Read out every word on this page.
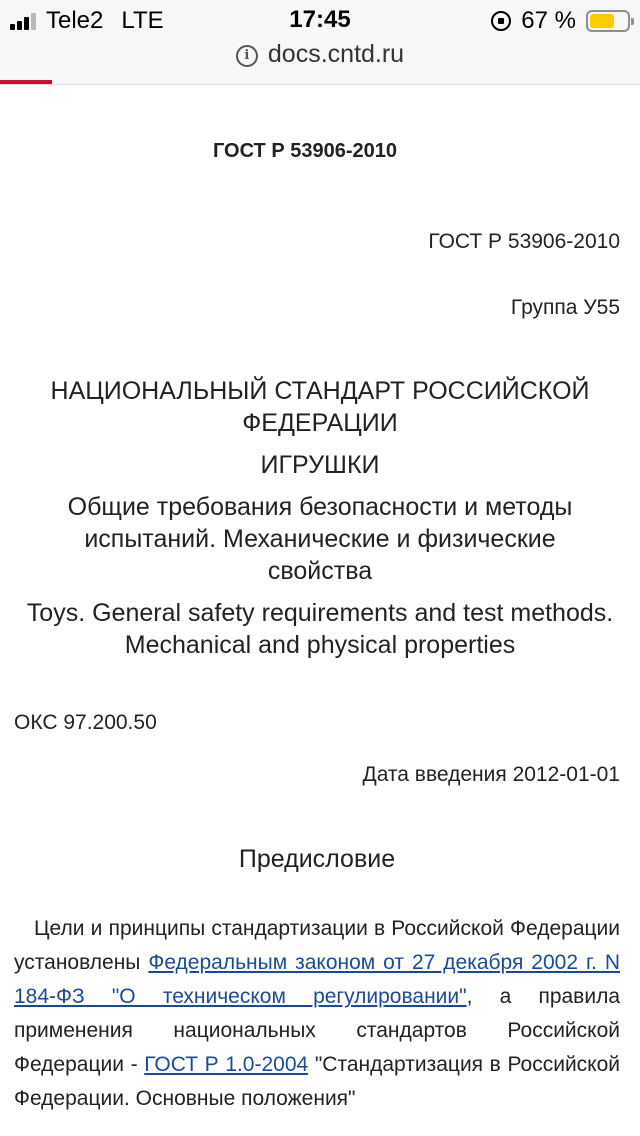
Tele2 LTE	17:45	67 %
i docs.cntd.ru
ГОСТ Р 53906-2010
ГОСТ Р 53906-2010
Группа У55
НАЦИОНАЛЬНЫЙ СТАНДАРТ РОССИЙСКОЙ ФЕДЕРАЦИИ
ИГРУШКИ
Общие требования безопасности и методы испытаний. Механические и физические свойства
Toys. General safety requirements and test methods. Mechanical and physical properties
ОКС 97.200.50
Дата введения 2012-01-01
Предисловие

Цели и принципы стандартизации в Российской Федерации установлены Федеральным законом от 27 декабря 2002 г. N 184-ФЗ "О техническом регулировании", а правила применения национальных стандартов Российской Федерации - ГОСТ Р 1.0-2004 "Стандартизация в Российской Федерации. Основные положения"
